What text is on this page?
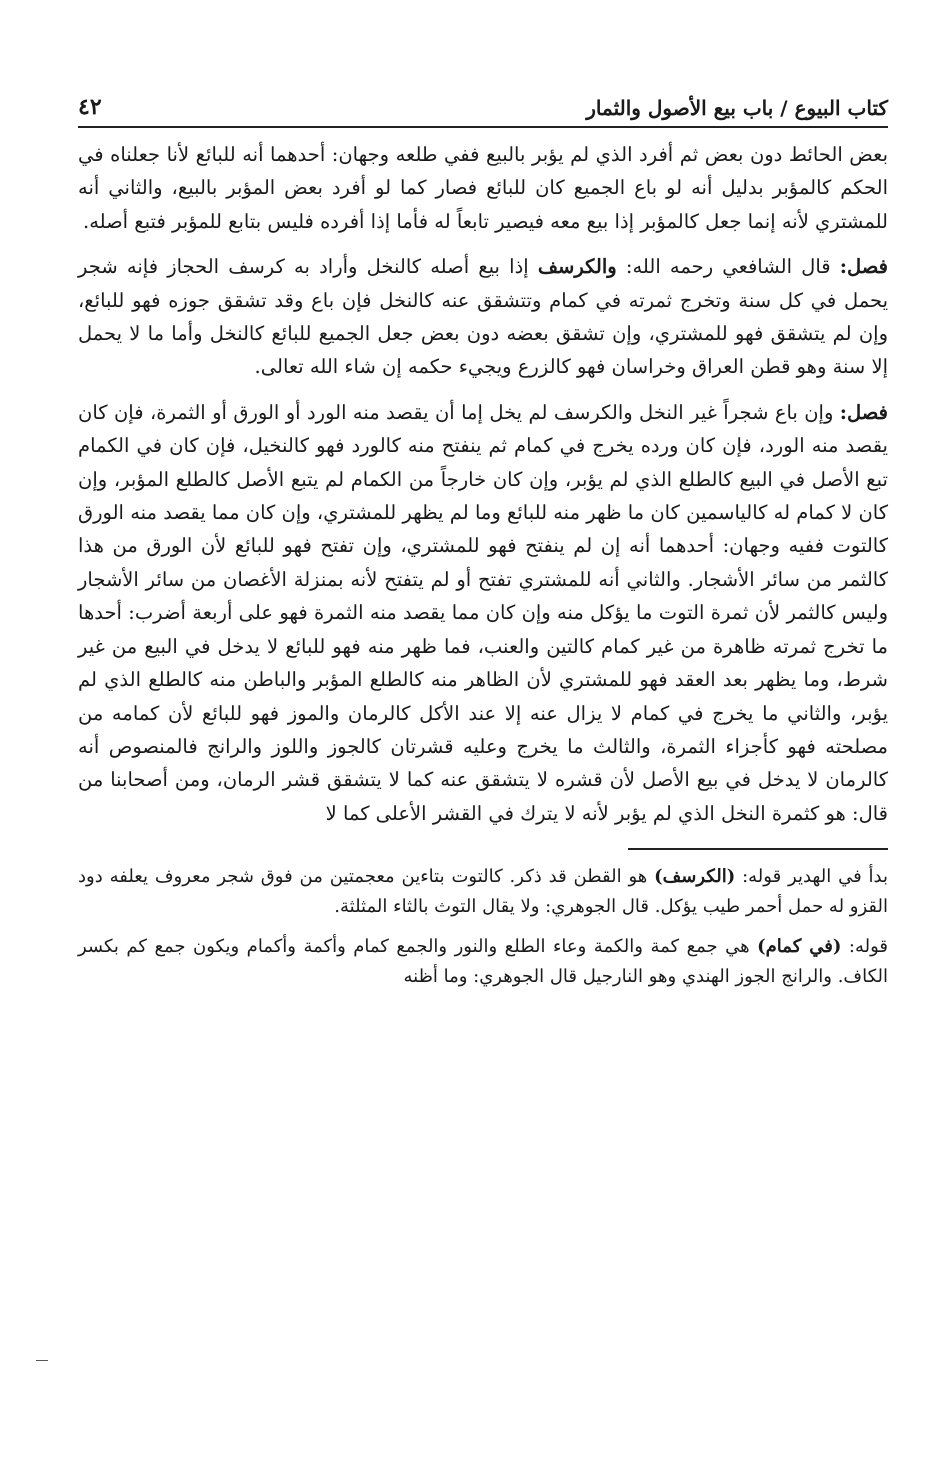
كتاب البيوع / باب بيع الأصول والثمار
٤٢

بعض الحائط دون بعض ثم أفرد الذي لم يؤبر بالبيع ففي طلعه وجهان: أحدهما أنه للبائع لأنا جعلناه في الحكم كالمؤبر بدليل أنه لو باع الجميع كان للبائع فصار كما لو أفرد بعض المؤبر بالبيع، والثاني أنه للمشتري لأنه إنما جعل كالمؤبر إذا بيع معه فيصير تابعاً له فأما إذا أفرده فليس بتابع للمؤبر فتبع أصله.

فصل: قال الشافعي رحمه الله: والكرسف إذا بيع أصله كالنخل وأراد به كرسف الحجاز فإنه شجر يحمل في كل سنة وتخرج ثمرته في كمام وتتشقق عنه كالنخل فإن باع وقد تشقق جوزه فهو للبائع، وإن لم يتشقق فهو للمشتري، وإن تشقق بعضه دون بعض جعل الجميع للبائع كالنخل وأما ما لا يحمل إلا سنة وهو قطن العراق وخراسان فهو كالزرع ويجيء حكمه إن شاء الله تعالى.

فصل: وإن باع شجراً غير النخل والكرسف لم يخل إما أن يقصد منه الورد أو الورق أو الثمرة، فإن كان يقصد منه الورد، فإن كان ورده يخرج في كمام ثم ينفتح منه كالورد فهو كالنخيل، فإن كان في الكمام تبع الأصل في البيع كالطلع الذي لم يؤبر، وإن كان خارجاً من الكمام لم يتبع الأصل كالطلع المؤبر، وإن كان لا كمام له كالياسمين كان ما ظهر منه للبائع وما لم يظهر للمشتري، وإن كان مما يقصد منه الورق كالتوت ففيه وجهان: أحدهما أنه إن لم ينفتح فهو للمشتري، وإن تفتح فهو للبائع لأن الورق من هذا كالثمر من سائر الأشجار. والثاني أنه للمشتري تفتح أو لم يتفتح لأنه بمنزلة الأغصان من سائر الأشجار وليس كالثمر لأن ثمرة التوت ما يؤكل منه وإن كان مما يقصد منه الثمرة فهو على أربعة أضرب: أحدها ما تخرج ثمرته ظاهرة من غير كمام كالتين والعنب، فما ظهر منه فهو للبائع لا يدخل في البيع من غير شرط، وما يظهر بعد العقد فهو للمشتري لأن الظاهر منه كالطلع المؤبر والباطن منه كالطلع الذي لم يؤبر، والثاني ما يخرج في كمام لا يزال عنه إلا عند الأكل كالرمان والموز فهو للبائع لأن كمامه من مصلحته فهو كأجزاء الثمرة، والثالث ما يخرج وعليه قشرتان كالجوز واللوز والرانج فالمنصوص أنه كالرمان لا يدخل في بيع الأصل لأن قشره لا يتشقق عنه كما لا يتشقق قشر الرمان، ومن أصحابنا من قال: هو كثمرة النخل الذي لم يؤبر لأنه لا يترك في القشر الأعلى كما لا

بدأ في الهدير قوله: (الكرسف) هو القطن قد ذكر. كالتوت بتاءين معجمتين من فوق شجر معروف يعلفه دود القزو له حمل أحمر طيب يؤكل. قال الجوهري: ولا يقال التوث بالثاء المثلثة.

قوله: (في كمام) هي جمع كمة والكمة وعاء الطلع والنور والجمع كمام وأكمة وأكمام ويكون جمع كم بكسر الكاف. والرانج الجوز الهندي وهو النارجيل قال الجوهري: وما أظنه
